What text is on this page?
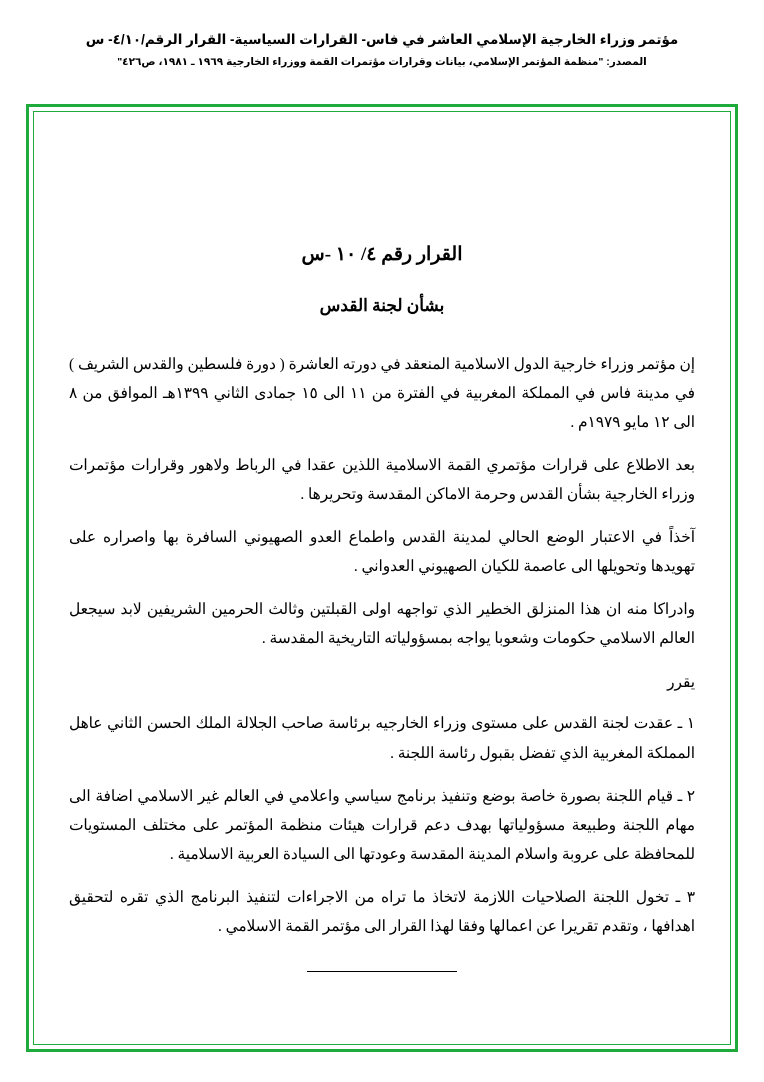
مؤتمر وزراء الخارجية الإسلامي العاشر في فاس- القرارات السياسية- القرار الرقم/٤/١٠- س
المصدر: "منظمة المؤتمر الإسلامي، بيانات وقرارات مؤتمرات القمة ووزراء الخارجية ١٩٦٩ ـ ١٩٨١، ص٤٢٦"
القرار رقم ٤/ ١٠ -س
بشأن لجنة القدس

إن مؤتمر وزراء خارجية الدول الاسلامية المنعقد في دورته العاشرة ( دورة فلسطين والقدس الشريف ) في مدينة فاس في المملكة المغربية في الفترة من ١١ الى ١٥ جمادى الثاني ١٣٩٩هـ الموافق من ٨ الى ١٢ مايو ١٩٧٩م .

بعد الاطلاع على قرارات مؤتمري القمة الاسلامية اللذين عقدا في الرباط ولاهور وقرارات مؤتمرات وزراء الخارجية بشأن القدس وحرمة الاماكن المقدسة وتحريرها .

آخذاً في الاعتبار الوضع الحالي لمدينة القدس واطماع العدو الصهيوني السافرة بها واصراره على تهويدها وتحويلها الى عاصمة للكيان الصهيوني العدواني .

وادراكا منه ان هذا المنزلق الخطير الذي تواجهه اولى القبلتين وثالث الحرمين الشريفين لابد سيجعل العالم الاسلامي حكومات وشعوبا يواجه بمسؤولياته التاريخية المقدسة .

يقرر

١ ـ عقدت لجنة القدس على مستوى وزراء الخارجيه برئاسة صاحب الجلالة الملك الحسن الثاني عاهل المملكة المغربية الذي تفضل بقبول رئاسة اللجنة .

٢ ـ قيام اللجنة بصورة خاصة بوضع وتنفيذ برنامج سياسي واعلامي في العالم غير الاسلامي اضافة الى مهام اللجنة وطبيعة مسؤولياتها بهدف دعم قرارات هيئات منظمة المؤتمر على مختلف المستويات للمحافظة على عروبة واسلام المدينة المقدسة وعودتها الى السيادة العربية الاسلامية .

٣ ـ تخول اللجنة الصلاحيات اللازمة لاتخاذ ما تراه من الاجراءات لتنفيذ البرنامج الذي تقره لتحقيق اهدافها ، وتقدم تقريرا عن اعمالها وفقا لهذا القرار الى مؤتمر القمة الاسلامي .
